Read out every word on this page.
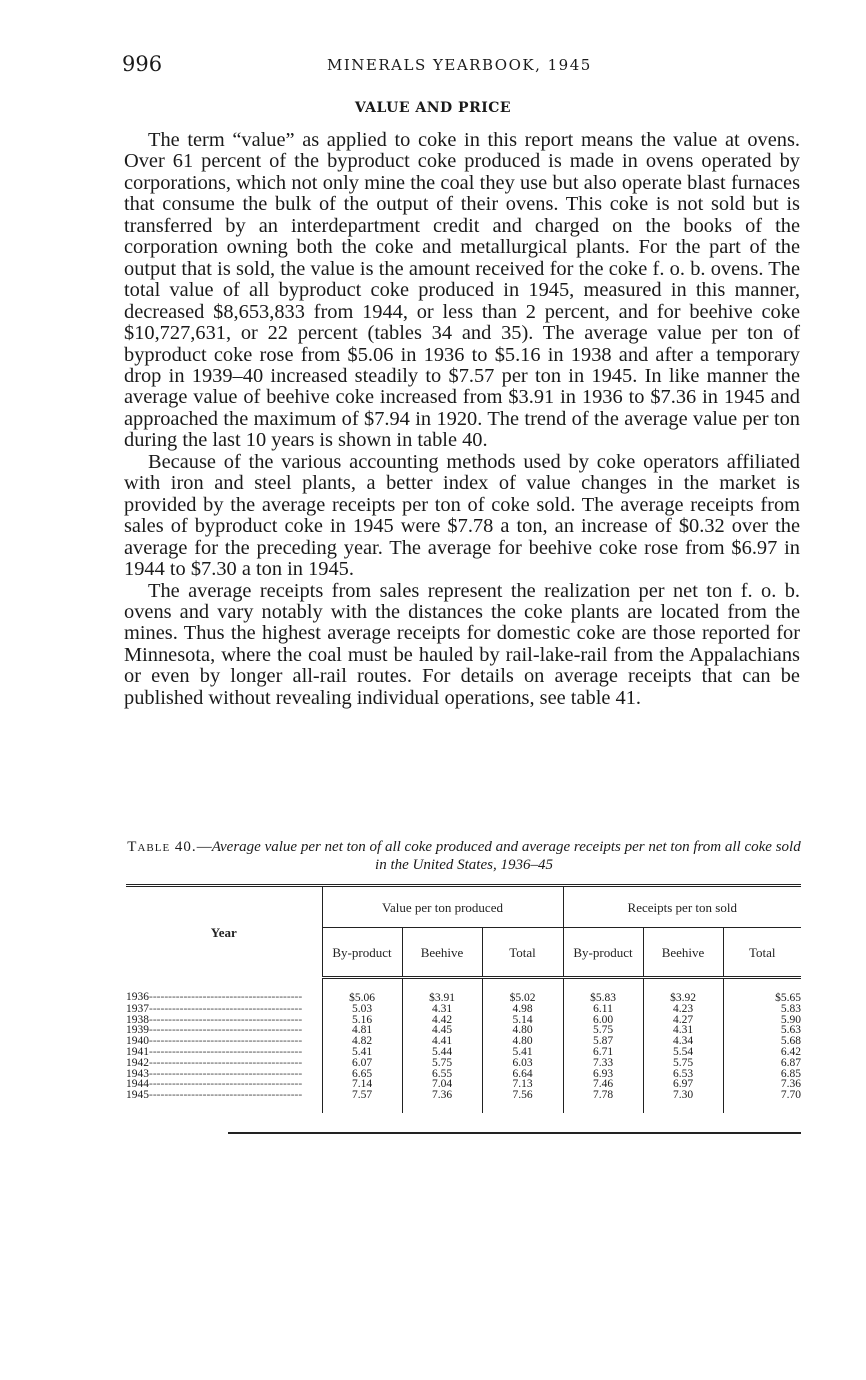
996	MINERALS YEARBOOK, 1945
VALUE AND PRICE

The term “value” as applied to coke in this report means the value at ovens. Over 61 percent of the byproduct coke produced is made in ovens operated by corporations, which not only mine the coal they use but also operate blast furnaces that consume the bulk of the output of their ovens. This coke is not sold but is transferred by an interdepartment credit and charged on the books of the corporation owning both the coke and metallurgical plants. For the part of the output that is sold, the value is the amount received for the coke f. o. b. ovens. The total value of all byproduct coke produced in 1945, measured in this manner, decreased $8,653,833 from 1944, or less than 2 percent, and for beehive coke $10,727,631, or 22 percent (tables 34 and 35). The average value per ton of byproduct coke rose from $5.06 in 1936 to $5.16 in 1938 and after a temporary drop in 1939–40 increased steadily to $7.57 per ton in 1945. In like manner the average value of beehive coke increased from $3.91 in 1936 to $7.36 in 1945 and approached the maximum of $7.94 in 1920. The trend of the average value per ton during the last 10 years is shown in table 40.

Because of the various accounting methods used by coke operators affiliated with iron and steel plants, a better index of value changes in the market is provided by the average receipts per ton of coke sold. The average receipts from sales of byproduct coke in 1945 were $7.78 a ton, an increase of $0.32 over the average for the preceding year. The average for beehive coke rose from $6.97 in 1944 to $7.30 a ton in 1945.

The average receipts from sales represent the realization per net ton f. o. b. ovens and vary notably with the distances the coke plants are located from the mines. Thus the highest average receipts for domestic coke are those reported for Minnesota, where the coal must be hauled by rail-lake-rail from the Appalachians or even by longer all-rail routes. For details on average receipts that can be published without revealing individual operations, see table 41.

Table 40.—Average value per net ton of all coke produced and average receipts per net ton from all coke sold in the United States, 1936–45
Year	Value per ton produced			Receipts per ton sold		
	By-product	Beehive	Total	By-product	Beehive	Total
1936----------------------------------------	$5.06	$3.91	$5.02	$5.83	$3.92	$5.65
1937----------------------------------------	5.03	4.31	4.98	6.11	4.23	5.83
1938----------------------------------------	5.16	4.42	5.14	6.00	4.27	5.90
1939----------------------------------------	4.81	4.45	4.80	5.75	4.31	5.63
1940----------------------------------------	4.82	4.41	4.80	5.87	4.34	5.68
1941----------------------------------------	5.41	5.44	5.41	6.71	5.54	6.42
1942----------------------------------------	6.07	5.75	6.03	7.33	5.75	6.87
1943----------------------------------------	6.65	6.55	6.64	6.93	6.53	6.85
1944----------------------------------------	7.14	7.04	7.13	7.46	6.97	7.36
1945----------------------------------------	7.57	7.36	7.56	7.78	7.30	7.70
